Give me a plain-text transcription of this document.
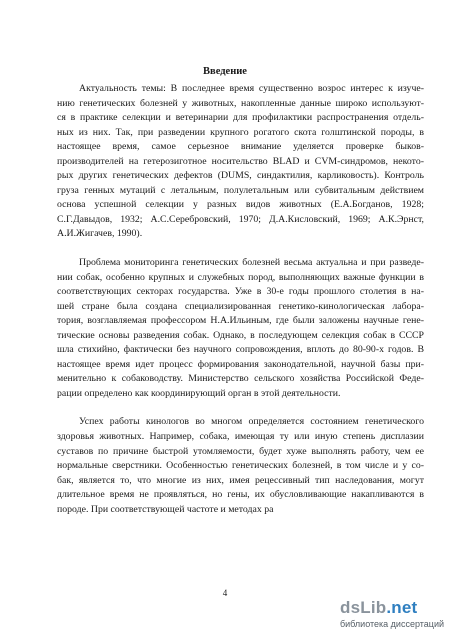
Введение

Актуальность темы: В последнее время существенно возрос интерес к изуче-
нию генетических болезней у животных, накопленные данные широко используют-
ся в практике селекции и ветеринарии для профилактики распространения отдель-
ных из них. Так, при разведении крупного рогатого скота голштинской породы, в
настоящее время, самое серьезное внимание уделяется проверке быков-
производителей на гетерозиготное носительство BLAD и CVM-синдромов, некото-
рых других генетических дефектов (DUMS, синдактилия, карликовость). Контроль
груза генных мутаций с летальным, полулетальным или субвитальным действием
основа успешной селекции у разных видов животных (Е.А.Богданов, 1928;
С.Г.Давыдов, 1932; А.С.Серебровский, 1970; Д.А.Кисловский, 1969; А.К.Эрнст,
А.И.Жигачев, 1990).

Проблема мониторинга генетических болезней весьма актуальна и при разведе-
нии собак, особенно крупных и служебных пород, выполняющих важные функции в
соответствующих секторах государства. Уже в 30-е годы прошлого столетия в на-
шей стране была создана специализированная генетико-кинологическая лабора-
тория, возглавляемая профессором Н.А.Ильиным, где были заложены научные гене-
тические основы разведения собак. Однако, в последующем селекция собак в СССР
шла стихийно, фактически без научного сопровождения, вплоть до 80-90-х годов. В
настоящее время идет процесс формирования законодательной, научной базы при-
менительно к собаководству. Министерство сельского хозяйства Российской Феде-
рации определено как координирующий орган в этой деятельности.

Успех работы кинологов во многом определяется состоянием генетического
здоровья животных. Например, собака, имеющая ту или иную степень дисплазии
суставов по причине быстрой утомляемости, будет хуже выполнять работу, чем ее
нормальные сверстники. Особенностью генетических болезней, в том числе и у со-
бак, является то, что многие из них, имея рецессивный тип наследования, могут
длительное время не проявляться, но гены, их обусловливающие накапливаются в
породе. При соответствующей частоте и методах ра

4
dsLib.net
библиотека диссертаций
